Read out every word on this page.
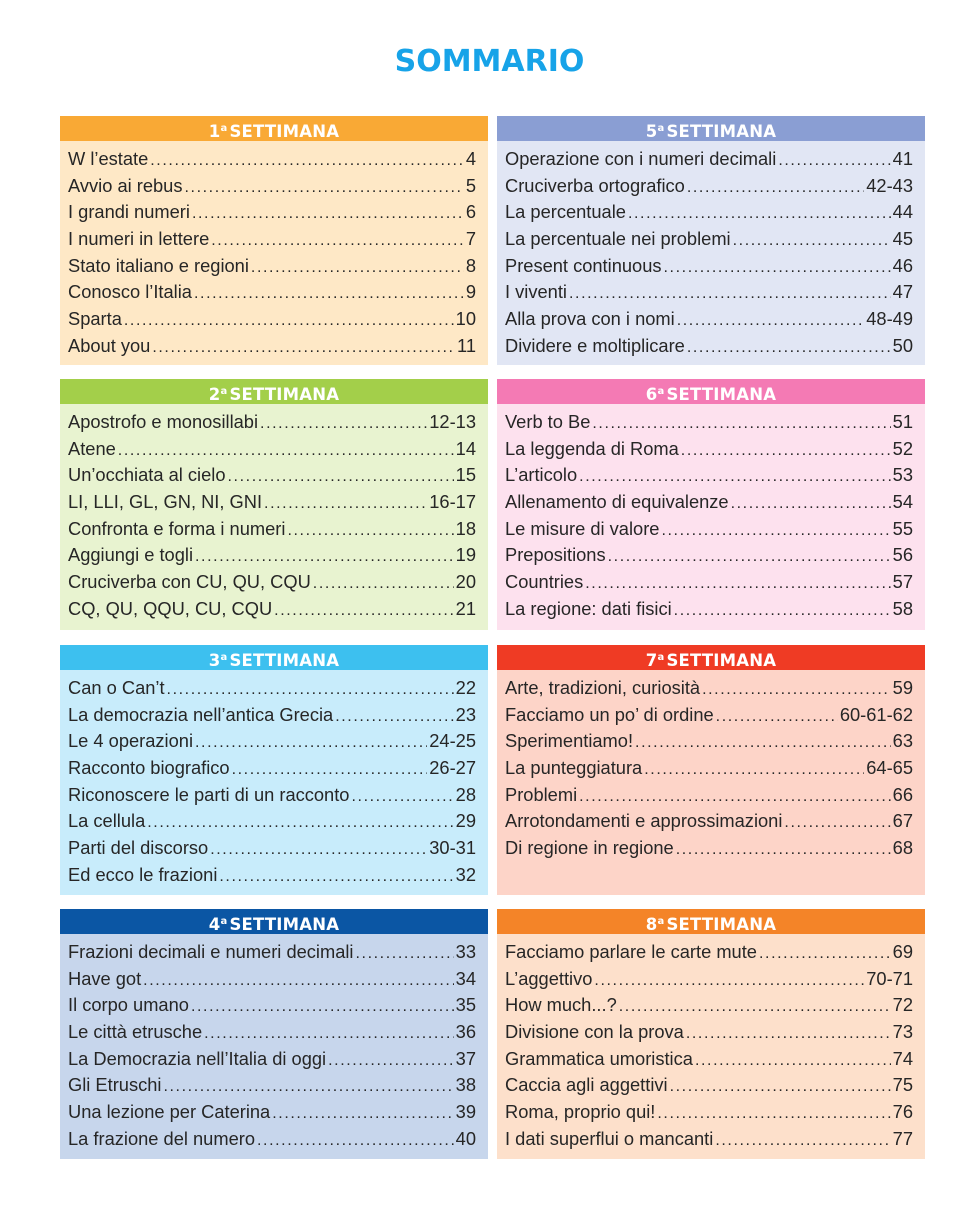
SOMMARIO
1$^a$ SETTIMANA
W l’estate .....	4
Avvio ai rebus .....	5
I grandi numeri .....	6
I numeri in lettere .....	7
Stato italiano e regioni .....	8
Conosco l’Italia .....	9
Sparta .....	10
About you .....	11
5$^a$ SETTIMANA
Operazione con i numeri decimali .....	41
Cruciverba ortografico .....	42-43
La percentuale .....	44
La percentuale nei problemi .....	45
Present continuous .....	46
I viventi .....	47
Alla prova con i nomi .....	48-49
Dividere e moltiplicare .....	50
2$^a$ SETTIMANA
Apostrofo e monosillabi .....	12-13
Atene .....	14
Un’occhiata al cielo .....	15
LI, LLI, GL, GN, NI, GNI .....	16-17
Confronta e forma i numeri .....	18
Aggiungi e togli .....	19
Cruciverba con CU, QU, CQU .....	20
CQ, QU, QQU, CU, CQU .....	21
6$^a$ SETTIMANA
Verb to Be .....	51
La leggenda di Roma .....	52
L’articolo .....	53
Allenamento di equivalenze .....	54
Le misure di valore .....	55
Prepositions .....	56
Countries .....	57
La regione: dati fisici .....	58
3$^a$ SETTIMANA
Can o Can’t .....	22
La democrazia nell’antica Grecia .....	23
Le 4 operazioni .....	24-25
Racconto biografico .....	26-27
Riconoscere le parti di un racconto .....	28
La cellula .....	29
Parti del discorso .....	30-31
Ed ecco le frazioni .....	32
7$^a$ SETTIMANA
Arte, tradizioni, curiosità .....	59
Facciamo un po’ di ordine .....	60-61-62
Sperimentiamo! .....	63
La punteggiatura .....	64-65
Problemi .....	66
Arrotondamenti e approssimazioni .....	67
Di regione in regione .....	68
4$^a$ SETTIMANA
Frazioni decimali e numeri decimali .....	33
Have got .....	34
Il corpo umano .....	35
Le città etrusche .....	36
La Democrazia nell’Italia di oggi .....	37
Gli Etruschi .....	38
Una lezione per Caterina .....	39
La frazione del numero .....	40
8$^a$ SETTIMANA
Facciamo parlare le carte mute .....	69
L’aggettivo .....	70-71
How much...? .....	72
Divisione con la prova .....	73
Grammatica umoristica .....	74
Caccia agli aggettivi .....	75
Roma, proprio qui! .....	76
I dati superflui o mancanti .....	77
